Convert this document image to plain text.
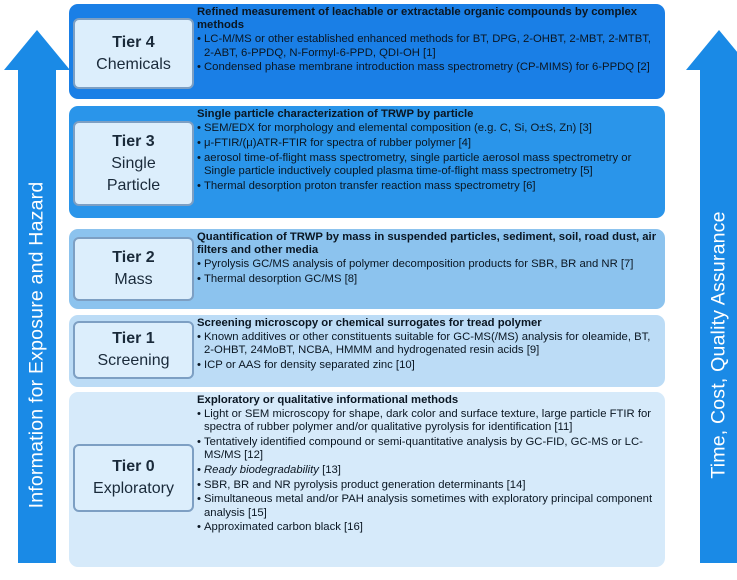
Information for Exposure and Hazard	Time, Cost, Quality Assurance
Tier 4
Chemicals
Refined measurement of leachable or extractable organic compounds by complex methods
• LC-M/MS or other established enhanced methods for BT, DPG, 2-OHBT, 2-MBT, 2-MTBT, 2-ABT, 6-PPDQ, N-Formyl-6-PPD, QDI-OH [1]
• Condensed phase membrane introduction mass spectrometry (CP-MIMS) for 6-PPDQ [2]
Tier 3
Single Particle
Single particle characterization of TRWP by particle
• SEM/EDX for morphology and elemental composition (e.g. C, Si, O±S, Zn) [3]
• μ-FTIR/(μ)ATR-FTIR for spectra of rubber polymer [4]
• aerosol time-of-flight mass spectrometry, single particle aerosol mass spectrometry or Single particle inductively coupled plasma time-of-flight mass spectrometry [5]
• Thermal desorption proton transfer reaction mass spectrometry [6]
Tier 2
Mass
Quantification of TRWP by mass in suspended particles, sediment, soil, road dust, air filters and other media
• Pyrolysis GC/MS analysis of polymer decomposition products for SBR, BR and NR [7]
• Thermal desorption GC/MS [8]
Tier 1
Screening
Screening microscopy or chemical surrogates for tread polymer
• Known additives or other constituents suitable for GC-MS(/MS) analysis for oleamide, BT, 2-OHBT, 24MoBT, NCBA, HMMM and hydrogenated resin acids [9]
• ICP or AAS for density separated zinc [10]
Tier 0
Exploratory
Exploratory or qualitative informational methods
• Light or SEM microscopy for shape, dark color and surface texture, large particle FTIR for spectra of rubber polymer and/or qualitative pyrolysis for identification [11]
• Tentatively identified compound or semi-quantitative analysis by GC-FID, GC-MS or LC-MS/MS [12]
• Ready biodegradability [13]
• SBR, BR and NR pyrolysis product generation determinants [14]
• Simultaneous metal and/or PAH analysis sometimes with exploratory principal component analysis [15]
• Approximated carbon black [16]
